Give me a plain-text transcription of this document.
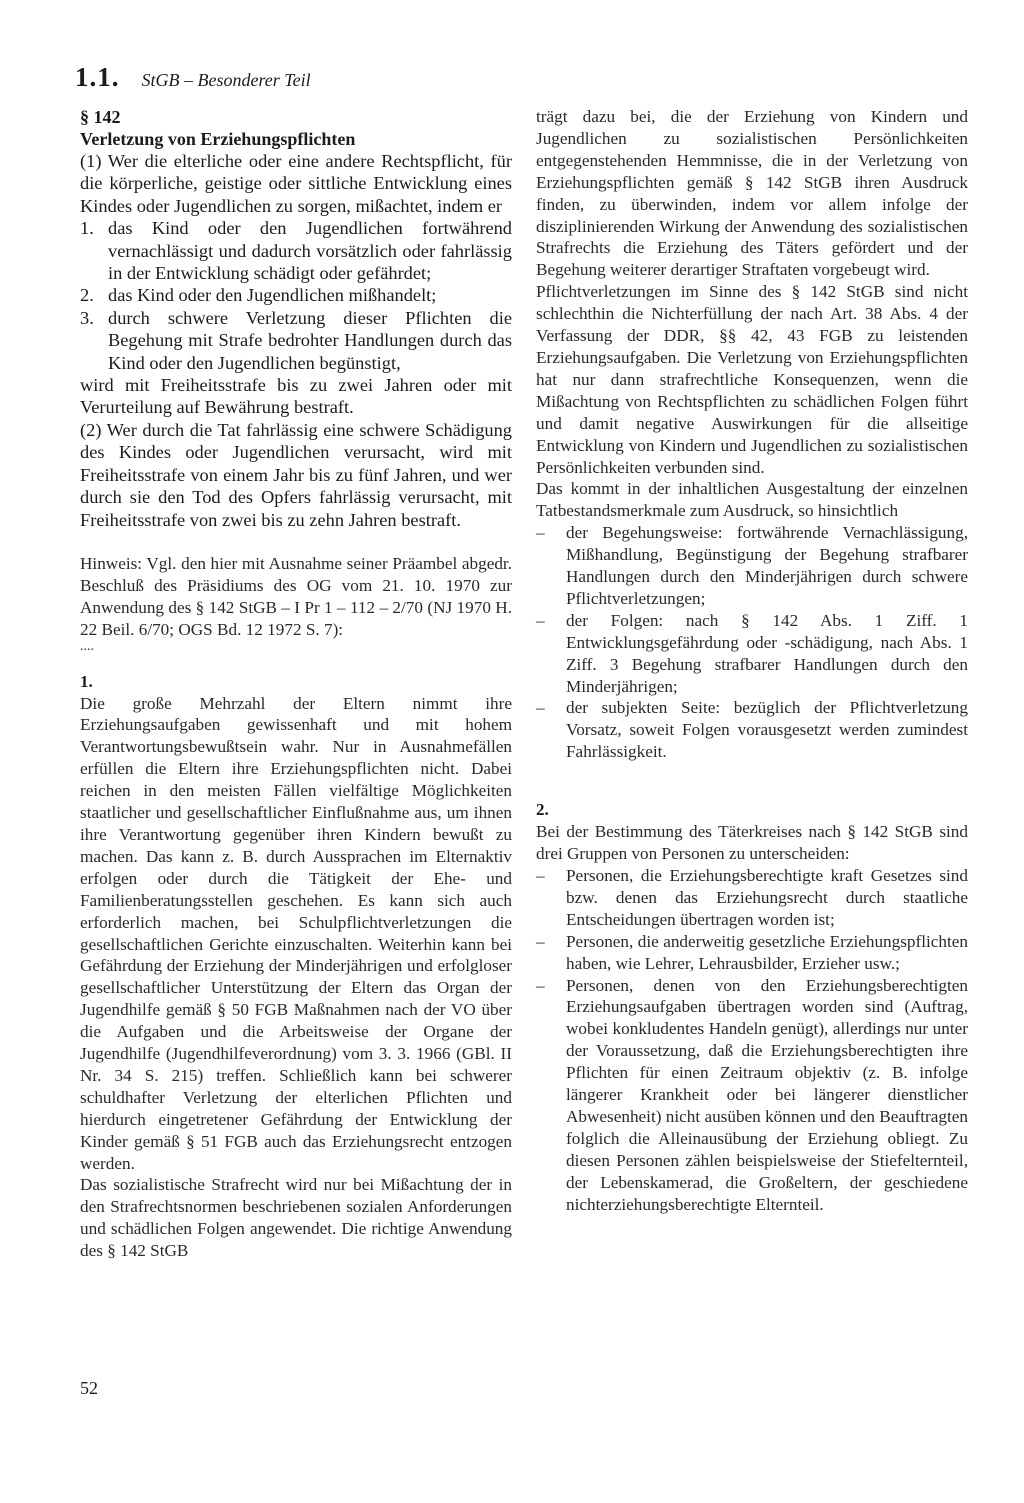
1.1. StGB – Besonderer Teil
§ 142
Verletzung von Erziehungspflichten

(1) Wer die elterliche oder eine andere Rechtspflicht, für die körperliche, geistige oder sittliche Entwicklung eines Kindes oder Jugendlichen zu sorgen, mißachtet, indem er

1. das Kind oder den Jugendlichen fortwährend vernachlässigt und dadurch vorsätzlich oder fahrlässig in der Entwicklung schädigt oder gefährdet;
2. das Kind oder den Jugendlichen mißhandelt;
3. durch schwere Verletzung dieser Pflichten die Begehung mit Strafe bedrohter Handlungen durch das Kind oder den Jugendlichen begünstigt,

wird mit Freiheitsstrafe bis zu zwei Jahren oder mit Verurteilung auf Bewährung bestraft.

(2) Wer durch die Tat fahrlässig eine schwere Schädigung des Kindes oder Jugendlichen verursacht, wird mit Freiheitsstrafe von einem Jahr bis zu fünf Jahren, und wer durch sie den Tod des Opfers fahrlässig verursacht, mit Freiheitsstrafe von zwei bis zu zehn Jahren bestraft.

Hinweis: Vgl. den hier mit Ausnahme seiner Präambel abgedr. Beschluß des Präsidiums des OG vom 21. 10. 1970 zur Anwendung des § 142 StGB – I Pr 1 – 112 – 2/70 (NJ 1970 H. 22 Beil. 6/70; OGS Bd. 12 1972 S. 7):

....
1.

Die große Mehrzahl der Eltern nimmt ihre Erziehungsaufgaben gewissenhaft und mit hohem Verantwortungsbewußtsein wahr. Nur in Ausnahmefällen erfüllen die Eltern ihre Erziehungspflichten nicht. Dabei reichen in den meisten Fällen vielfältige Möglichkeiten staatlicher und gesellschaftlicher Einflußnahme aus, um ihnen ihre Verantwortung gegenüber ihren Kindern bewußt zu machen. Das kann z. B. durch Aussprachen im Elternaktiv erfolgen oder durch die Tätigkeit der Ehe- und Familienberatungsstellen geschehen. Es kann sich auch erforderlich machen, bei Schulpflichtverletzungen die gesellschaftlichen Gerichte einzuschalten. Weiterhin kann bei Gefährdung der Erziehung der Minderjährigen und erfolgloser gesellschaftlicher Unterstützung der Eltern das Organ der Jugendhilfe gemäß § 50 FGB Maßnahmen nach der VO über die Aufgaben und die Arbeitsweise der Organe der Jugendhilfe (Jugendhilfeverordnung) vom 3. 3. 1966 (GBl. II Nr. 34 S. 215) treffen. Schließlich kann bei schwerer schuldhafter Verletzung der elterlichen Pflichten und hierdurch eingetretener Gefährdung der Entwicklung der Kinder gemäß § 51 FGB auch das Erziehungsrecht entzogen werden.

Das sozialistische Strafrecht wird nur bei Mißachtung der in den Strafrechtsnormen beschriebenen sozialen Anforderungen und schädlichen Folgen angewendet. Die richtige Anwendung des § 142 StGB

trägt dazu bei, die der Erziehung von Kindern und Jugendlichen zu sozialistischen Persönlichkeiten entgegenstehenden Hemmnisse, die in der Verletzung von Erziehungspflichten gemäß § 142 StGB ihren Ausdruck finden, zu überwinden, indem vor allem infolge der disziplinierenden Wirkung der Anwendung des sozialistischen Strafrechts die Erziehung des Täters gefördert und der Begehung weiterer derartiger Straftaten vorgebeugt wird.

Pflichtverletzungen im Sinne des § 142 StGB sind nicht schlechthin die Nichterfüllung der nach Art. 38 Abs. 4 der Verfassung der DDR, §§ 42, 43 FGB zu leistenden Erziehungsaufgaben. Die Verletzung von Erziehungspflichten hat nur dann strafrechtliche Konsequenzen, wenn die Mißachtung von Rechtspflichten zu schädlichen Folgen führt und damit negative Auswirkungen für die allseitige Entwicklung von Kindern und Jugendlichen zu sozialistischen Persönlichkeiten verbunden sind.

Das kommt in der inhaltlichen Ausgestaltung der einzelnen Tatbestandsmerkmale zum Ausdruck, so hinsichtlich

–	der Begehungsweise: fortwährende Vernachlässigung, Mißhandlung, Begünstigung der Begehung strafbarer Handlungen durch den Minderjährigen durch schwere Pflichtverletzungen;
–	der Folgen: nach § 142 Abs. 1 Ziff. 1 Entwicklungsgefährdung oder -schädigung, nach Abs. 1 Ziff. 3 Begehung strafbarer Handlungen durch den Minderjährigen;
–	der subjekten Seite: bezüglich der Pflichtverletzung Vorsatz, soweit Folgen vorausgesetzt werden zumindest Fahrlässigkeit.
2.

Bei der Bestimmung des Täterkreises nach § 142 StGB sind drei Gruppen von Personen zu unterscheiden:

–	Personen, die Erziehungsberechtigte kraft Gesetzes sind bzw. denen das Erziehungsrecht durch staatliche Entscheidungen übertragen worden ist;
–	Personen, die anderweitig gesetzliche Erziehungspflichten haben, wie Lehrer, Lehrausbilder, Erzieher usw.;
–	Personen, denen von den Erziehungsberechtigten Erziehungsaufgaben übertragen worden sind (Auftrag, wobei konkludentes Handeln genügt), allerdings nur unter der Voraussetzung, daß die Erziehungsberechtigten ihre Pflichten für einen Zeitraum objektiv (z. B. infolge längerer Krankheit oder bei längerer dienstlicher Abwesenheit) nicht ausüben können und den Beauftragten folglich die Alleinausübung der Erziehung obliegt. Zu diesen Personen zählen beispielsweise der Stiefelternteil, der Lebenskamerad, die Großeltern, der geschiedene nichterziehungsberechtigte Elternteil.
52
